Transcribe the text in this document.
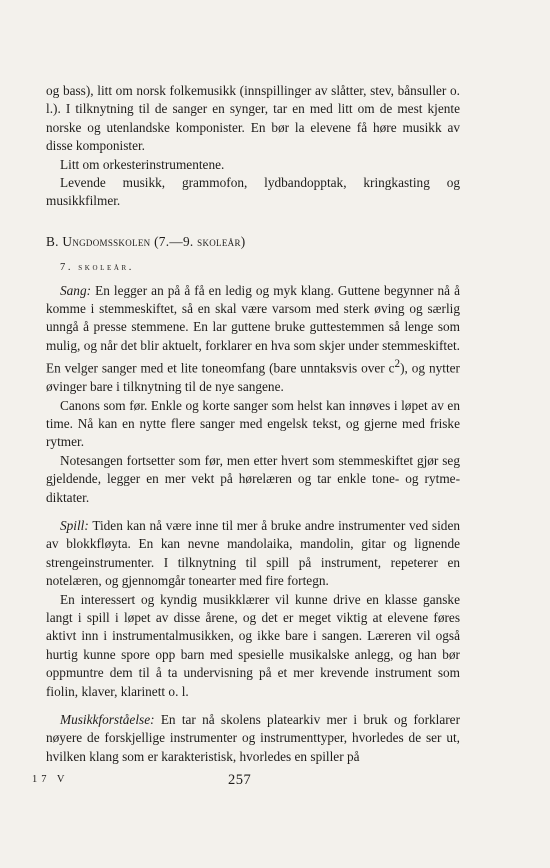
og bass), litt om norsk folkemusikk (innspillinger av slåtter, stev, bånsuller o. l.). I tilknytning til de sanger en synger, tar en med litt om de mest kjente norske og utenlandske komponister. En bør la elevene få høre musikk av disse komponister.

Litt om orkesterinstrumentene.

Levende musikk, grammofon, lydbandopptak, kringkasting og musikkfilmer.

B. Ungdomsskolen (7.—9. skoleår)

7. skoleår.

Sang: En legger an på å få en ledig og myk klang. Guttene begynner nå å komme i stemmeskiftet, så en skal være varsom med sterk øving og særlig unngå å presse stemmene. En lar guttene bruke guttestemmen så lenge som mulig, og når det blir aktuelt, forklarer en hva som skjer under stemmeskiftet. En velger sanger med et lite toneomfang (bare unntaksvis over $c^2$), og nytter øvinger bare i tilknytning til de nye sangene.

Canons som før. Enkle og korte sanger som helst kan innøves i løpet av en time. Nå kan en nytte flere sanger med engelsk tekst, og gjerne med friske rytmer.

Notesangen fortsetter som før, men etter hvert som stemmeskiftet gjør seg gjeldende, legger en mer vekt på hørelæren og tar enkle tone- og rytme-diktater.

Spill: Tiden kan nå være inne til mer å bruke andre instrumenter ved siden av blokkfløyta. En kan nevne mandolaika, mandolin, gitar og lignende strengeinstrumenter. I tilknytning til spill på instrument, repeterer en notelæren, og gjennomgår tonearter med fire fortegn.

En interessert og kyndig musikklærer vil kunne drive en klasse ganske langt i spill i løpet av disse årene, og det er meget viktig at elevene føres aktivt inn i instrumentalmusikken, og ikke bare i sangen. Læreren vil også hurtig kunne spore opp barn med spesielle musikalske anlegg, og han bør oppmuntre dem til å ta undervisning på et mer krevende instrument som fiolin, klaver, klarinett o. l.

Musikkforståelse: En tar nå skolens platearkiv mer i bruk og forklarer nøyere de forskjellige instrumenter og instrumenttyper, hvorledes de ser ut, hvilken klang som er karakteristisk, hvorledes en spiller på

17 V	257
